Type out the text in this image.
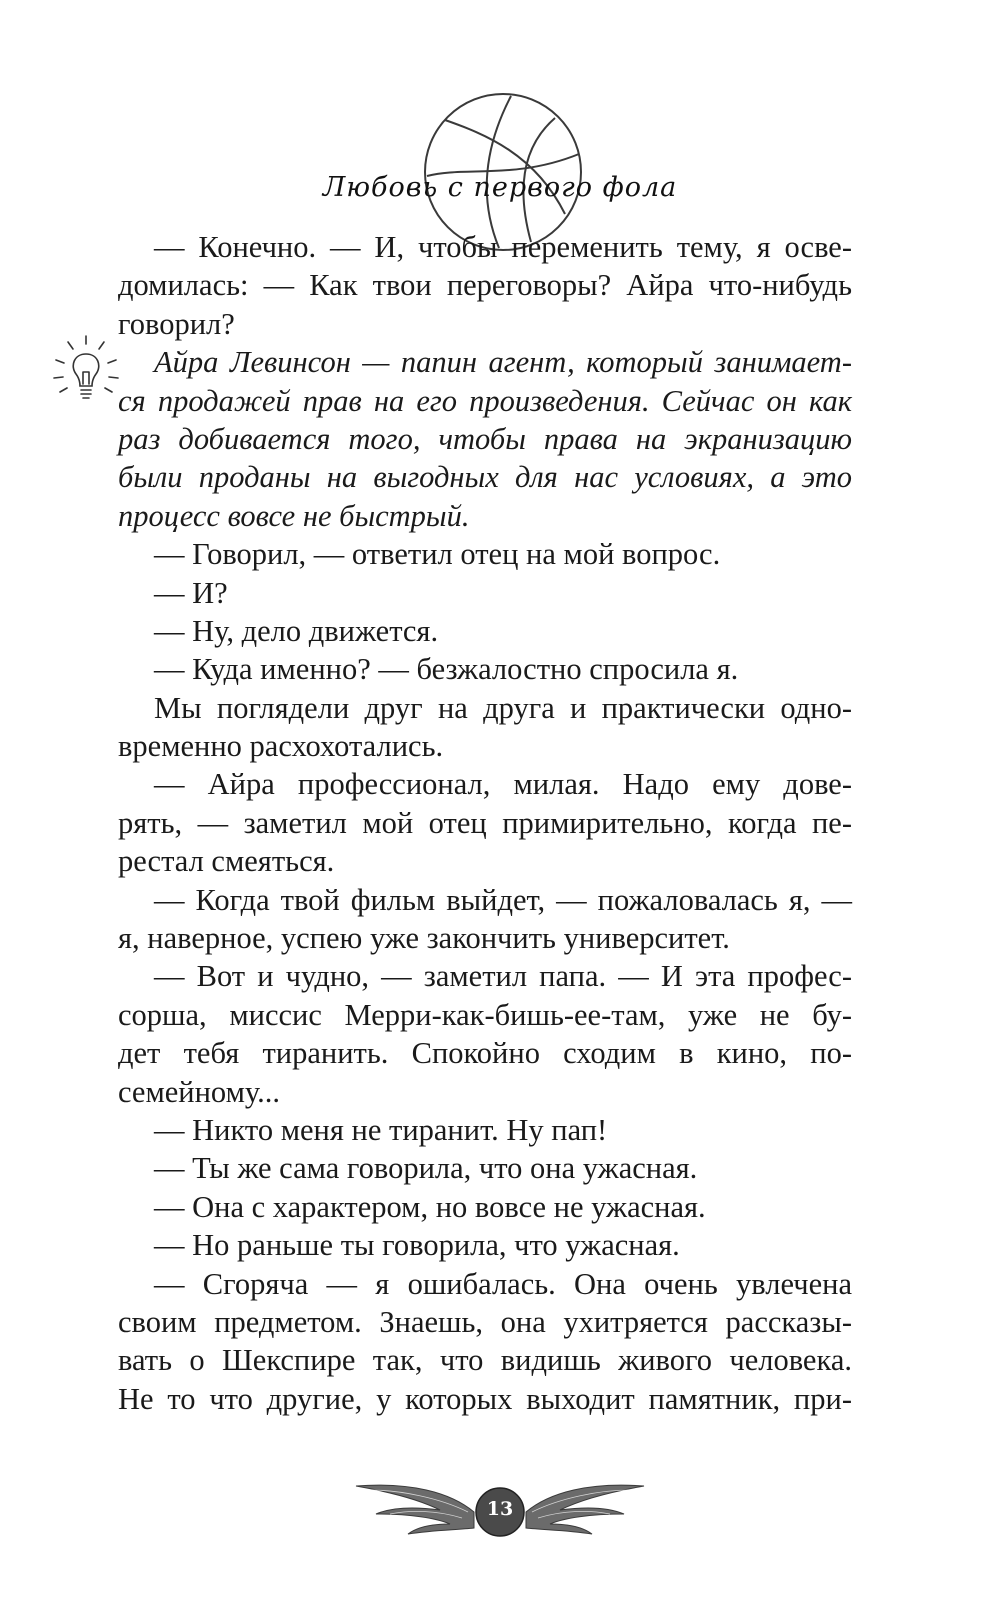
Любовь с первого фола
— Конечно. — И, чтобы переменить тему, я осве-
домилась: — Как твои переговоры? Айра что-нибудь
говорил?
Айра Левинсон — папин агент, который занимает-
ся продажей прав на его произведения. Сейчас он как
раз добивается того, чтобы права на экранизацию
были проданы на выгодных для нас условиях, а это
процесс вовсе не быстрый.
— Говорил, — ответил отец на мой вопрос.
— И?
— Ну, дело движется.
— Куда именно? — безжалостно спросила я.
Мы поглядели друг на друга и практически одно-
временно расхохотались.
— Айра профессионал, милая. Надо ему дове-
рять, — заметил мой отец примирительно, когда пе-
рестал смеяться.
— Когда твой фильм выйдет, — пожаловалась я, —
я, наверное, успею уже закончить университет.
— Вот и чудно, — заметил папа. — И эта профес-
сорша, миссис Мерри-как-бишь-ее-там, уже не бу-
дет тебя тиранить. Спокойно сходим в кино, по-
семейному...
— Никто меня не тиранит. Ну пап!
— Ты же сама говорила, что она ужасная.
— Она с характером, но вовсе не ужасная.
— Но раньше ты говорила, что ужасная.
— Сгоряча — я ошибалась. Она очень увлечена
своим предметом. Знаешь, она ухитряется рассказы-
вать о Шекспире так, что видишь живого человека.
Не то что другие, у которых выходит памятник, при-
13
